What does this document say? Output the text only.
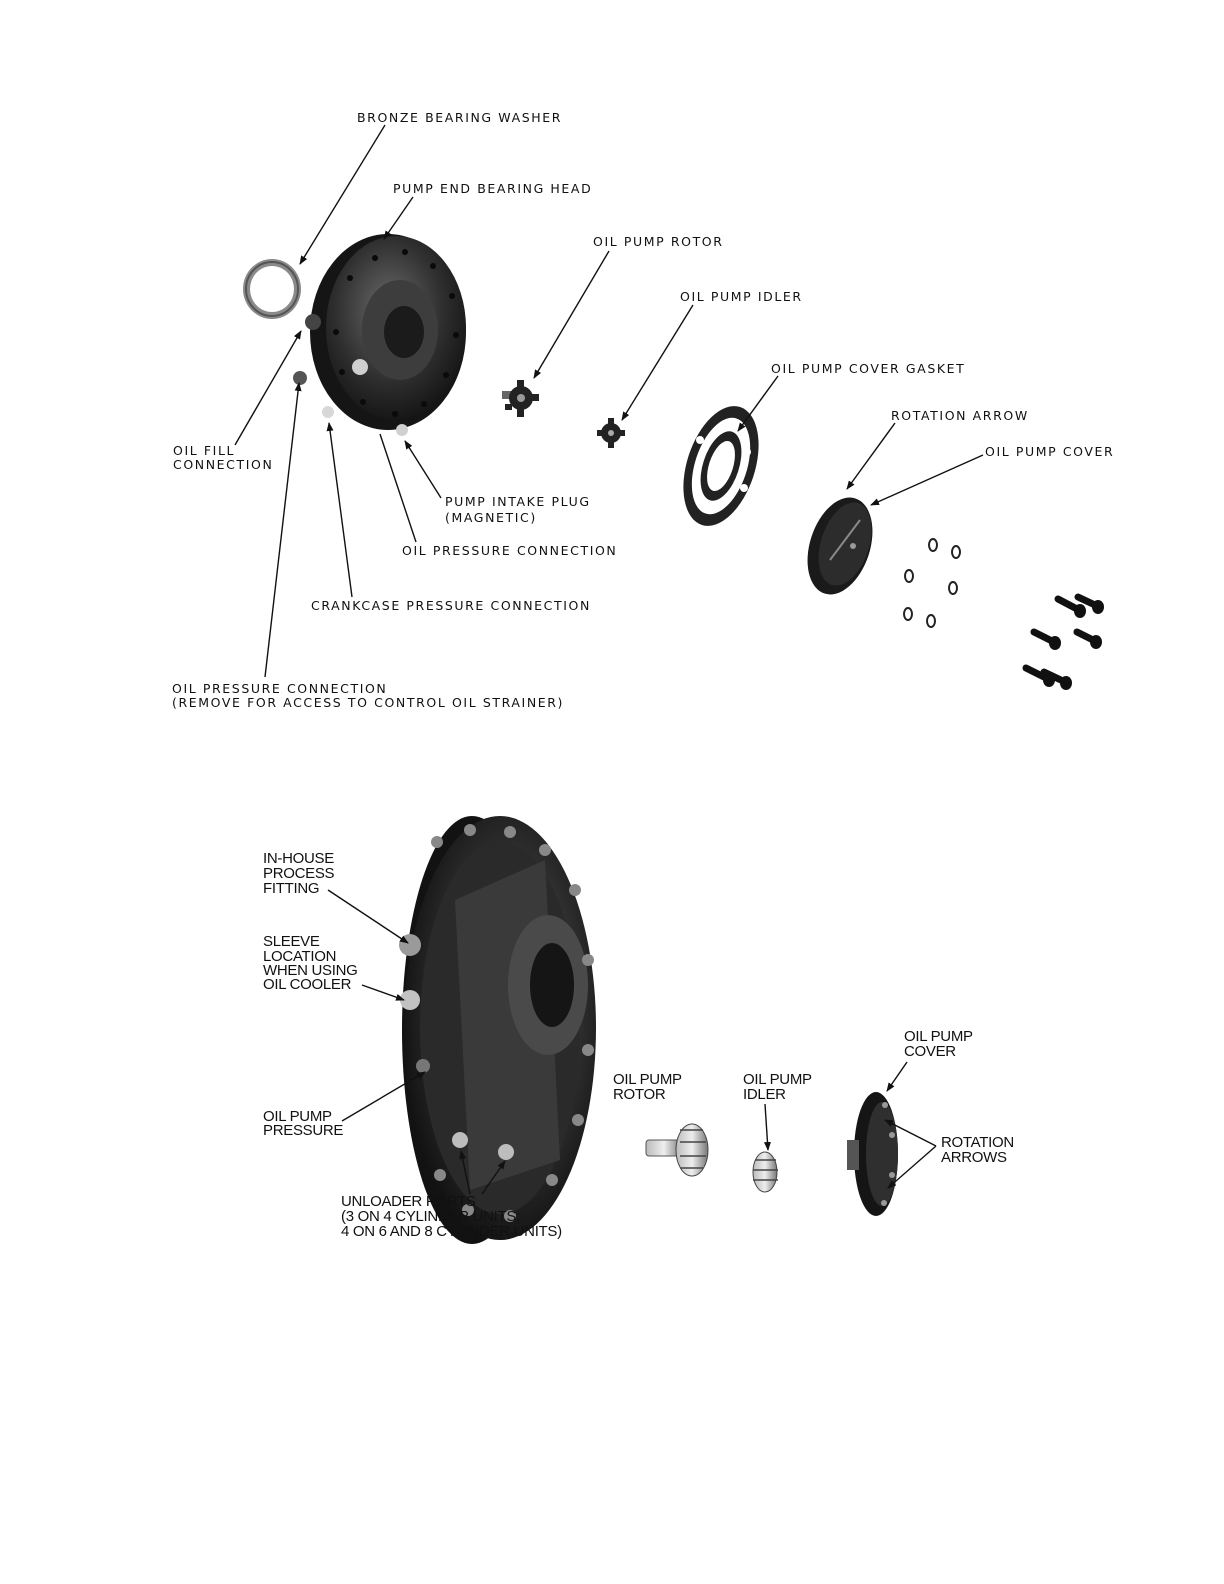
BRONZE BEARING WASHER
PUMP END BEARING HEAD
OIL PUMP ROTOR
OIL PUMP IDLER
OIL PUMP COVER GASKET
ROTATION ARROW
OIL PUMP COVER
OIL FILL
CONNECTION
PUMP INTAKE PLUG
(MAGNETIC)
OIL PRESSURE CONNECTION
CRANKCASE PRESSURE CONNECTION
OIL PRESSURE CONNECTION
(REMOVE FOR ACCESS TO CONTROL OIL STRAINER)
IN-HOUSE
PROCESS
FITTING
SLEEVE
LOCATION
WHEN USING
OIL COOLER
OIL PUMP
PRESSURE
UNLOADER PORTS
(3 ON 4 CYLINDER UNITS;
4 ON 6 AND 8 CYLINDER UNITS)
OIL PUMP
ROTOR
OIL PUMP
IDLER
OIL PUMP
COVER
ROTATION
ARROWS
